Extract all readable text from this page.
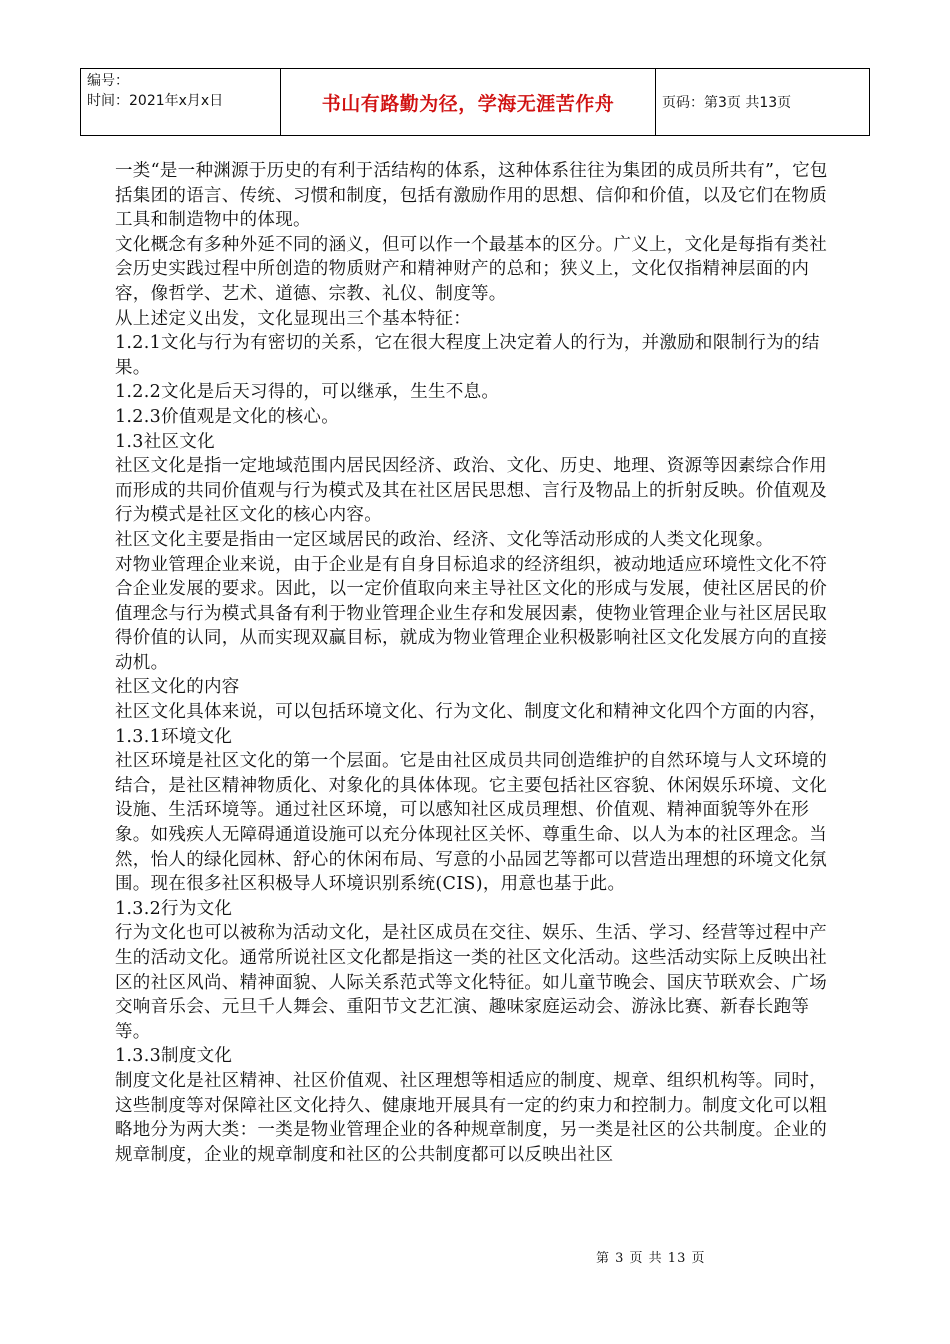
编号：
时间：2021年x月x日	书山有路勤为径，学海无涯苦作舟	页码：第3页 共13页

一类“是一种渊源于历史的有利于活结构的体系，这种体系往往为集团的成员所共有”，它包括集团的语言、传统、习惯和制度，包括有激励作用的思想、信仰和价值，以及它们在物质工具和制造物中的体现。

文化概念有多种外延不同的涵义，但可以作一个最基本的区分。广义上，文化是每指有类社会历史实践过程中所创造的物质财产和精神财产的总和；狭义上，文化仅指精神层面的内容，像哲学、艺术、道德、宗教、礼仪、制度等。

从上述定义出发，文化显现出三个基本特征：

1.2.1文化与行为有密切的关系，它在很大程度上决定着人的行为，并激励和限制行为的结果。

1.2.2文化是后天习得的，可以继承，生生不息。

1.2.3价值观是文化的核心。

1.3社区文化

社区文化是指一定地域范围内居民因经济、政治、文化、历史、地理、资源等因素综合作用而形成的共同价值观与行为模式及其在社区居民思想、言行及物品上的折射反映。价值观及行为模式是社区文化的核心内容。

社区文化主要是指由一定区域居民的政治、经济、文化等活动形成的人类文化现象。

对物业管理企业来说，由于企业是有自身目标追求的经济组织，被动地适应环境性文化不符合企业发展的要求。因此，以一定价值取向来主导社区文化的形成与发展，使社区居民的价值理念与行为模式具备有利于物业管理企业生存和发展因素，使物业管理企业与社区居民取得价值的认同，从而实现双赢目标，就成为物业管理企业积极影响社区文化发展方向的直接动机。

社区文化的内容

社区文化具体来说，可以包括环境文化、行为文化、制度文化和精神文化四个方面的内容，

1.3.1环境文化

社区环境是社区文化的第一个层面。它是由社区成员共同创造维护的自然环境与人文环境的结合，是社区精神物质化、对象化的具体体现。它主要包括社区容貌、休闲娱乐环境、文化设施、生活环境等。通过社区环境，可以感知社区成员理想、价值观、精神面貌等外在形象。如残疾人无障碍通道设施可以充分体现社区关怀、尊重生命、以人为本的社区理念。当然，怡人的绿化园林、舒心的休闲布局、写意的小品园艺等都可以营造出理想的环境文化氛围。现在很多社区积极导人环境识别系统(CIS)，用意也基于此。

1.3.2行为文化

行为文化也可以被称为活动文化，是社区成员在交往、娱乐、生活、学习、经营等过程中产生的活动文化。通常所说社区文化都是指这一类的社区文化活动。这些活动实际上反映出社区的社区风尚、精神面貌、人际关系范式等文化特征。如儿童节晚会、国庆节联欢会、广场交响音乐会、元旦千人舞会、重阳节文艺汇演、趣味家庭运动会、游泳比赛、新春长跑等等。

1.3.3制度文化

制度文化是社区精神、社区价值观、社区理想等相适应的制度、规章、组织机构等。同时，这些制度等对保障社区文化持久、健康地开展具有一定的约束力和控制力。制度文化可以粗略地分为两大类：一类是物业管理企业的各种规章制度，另一类是社区的公共制度。企业的规章制度，企业的规章制度和社区的公共制度都可以反映出社区

第 3 页 共 13 页
